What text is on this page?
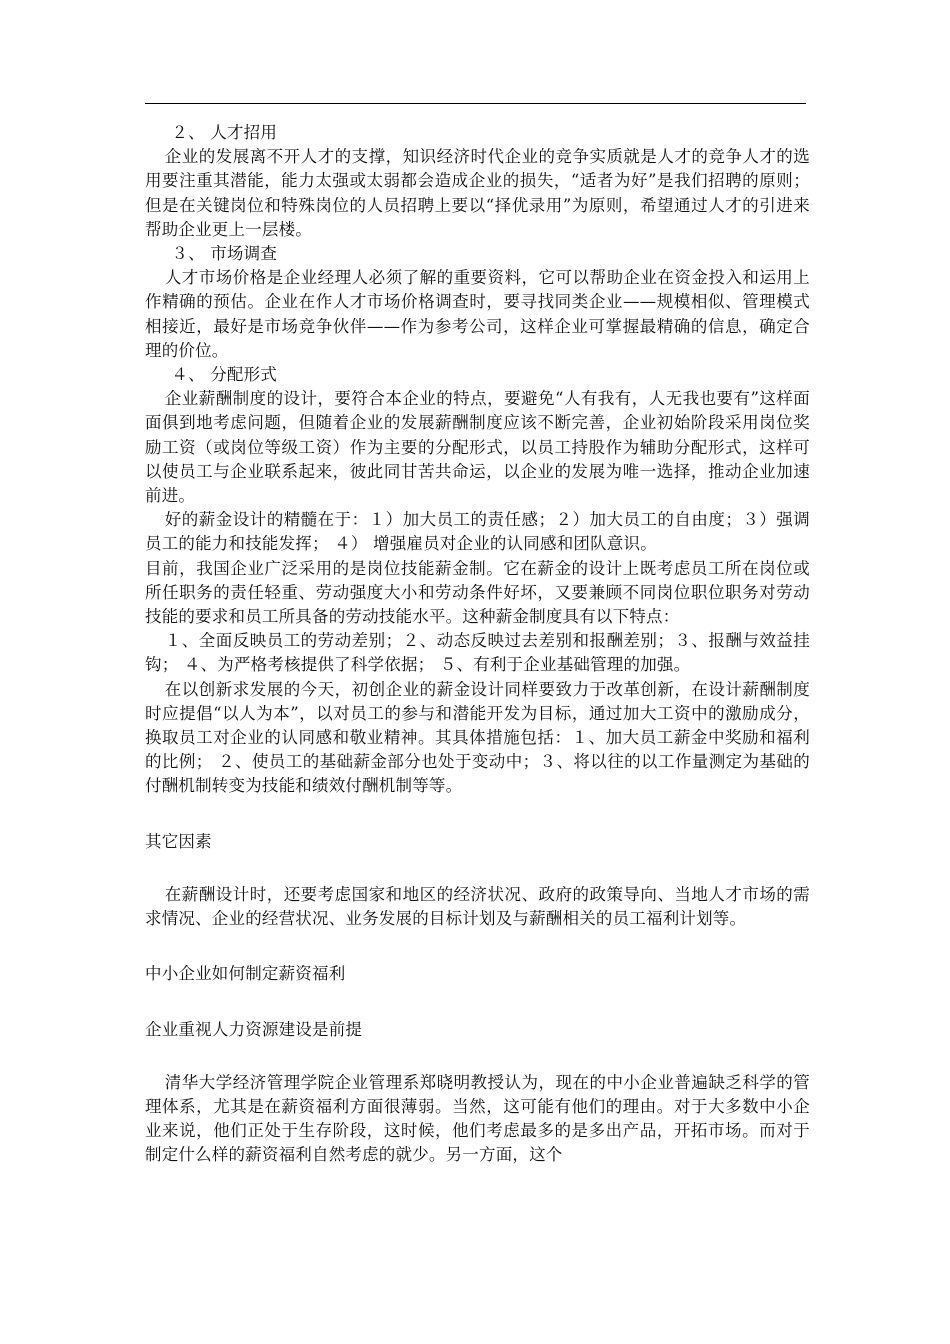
２、 人才招用

企业的发展离不开人才的支撑，知识经济时代企业的竞争实质就是人才的竞争人才的选用要注重其潜能，能力太强或太弱都会造成企业的损失，“适者为好”是我们招聘的原则；但是在关键岗位和特殊岗位的人员招聘上要以“择优录用”为原则，希望通过人才的引进来帮助企业更上一层楼。

３、 市场调查

人才市场价格是企业经理人必须了解的重要资料，它可以帮助企业在资金投入和运用上作精确的预估。企业在作人才市场价格调查时，要寻找同类企业——规模相似、管理模式相接近，最好是市场竞争伙伴——作为参考公司，这样企业可掌握最精确的信息，确定合理的价位。

４、 分配形式

企业薪酬制度的设计，要符合本企业的特点，要避免“人有我有，人无我也要有”这样面面俱到地考虑问题，但随着企业的发展薪酬制度应该不断完善，企业初始阶段采用岗位奖励工资（或岗位等级工资）作为主要的分配形式，以员工持股作为辅助分配形式，这样可以使员工与企业联系起来，彼此同甘苦共命运，以企业的发展为唯一选择，推动企业加速前进。

好的薪金设计的精髓在于：１）加大员工的责任感；２）加大员工的自由度；３）强调员工的能力和技能发挥； ４） 增强雇员对企业的认同感和团队意识。

目前，我国企业广泛采用的是岗位技能薪金制。它在薪金的设计上既考虑员工所在岗位或所任职务的责任轻重、劳动强度大小和劳动条件好坏，又要兼顾不同岗位职位职务对劳动技能的要求和员工所具备的劳动技能水平。这种薪金制度具有以下特点：

１、全面反映员工的劳动差别；２、动态反映过去差别和报酬差别；３、报酬与效益挂钩； ４、为严格考核提供了科学依据； ５、有利于企业基础管理的加强。

在以创新求发展的今天，初创企业的薪金设计同样要致力于改革创新，在设计薪酬制度时应提倡“以人为本”，以对员工的参与和潜能开发为目标，通过加大工资中的激励成分，换取员工对企业的认同感和敬业精神。其具体措施包括：１、加大员工薪金中奖励和福利的比例； ２、使员工的基础薪金部分也处于变动中；３、将以往的以工作量测定为基础的付酬机制转变为技能和绩效付酬机制等等。

其它因素

在薪酬设计时，还要考虑国家和地区的经济状况、政府的政策导向、当地人才市场的需求情况、企业的经营状况、业务发展的目标计划及与薪酬相关的员工福利计划等。

中小企业如何制定薪资福利

企业重视人力资源建设是前提

清华大学经济管理学院企业管理系郑晓明教授认为，现在的中小企业普遍缺乏科学的管理体系，尤其是在薪资福利方面很薄弱。当然，这可能有他们的理由。对于大多数中小企业来说，他们正处于生存阶段，这时候，他们考虑最多的是多出产品，开拓市场。而对于制定什么样的薪资福利自然考虑的就少。另一方面，这个
